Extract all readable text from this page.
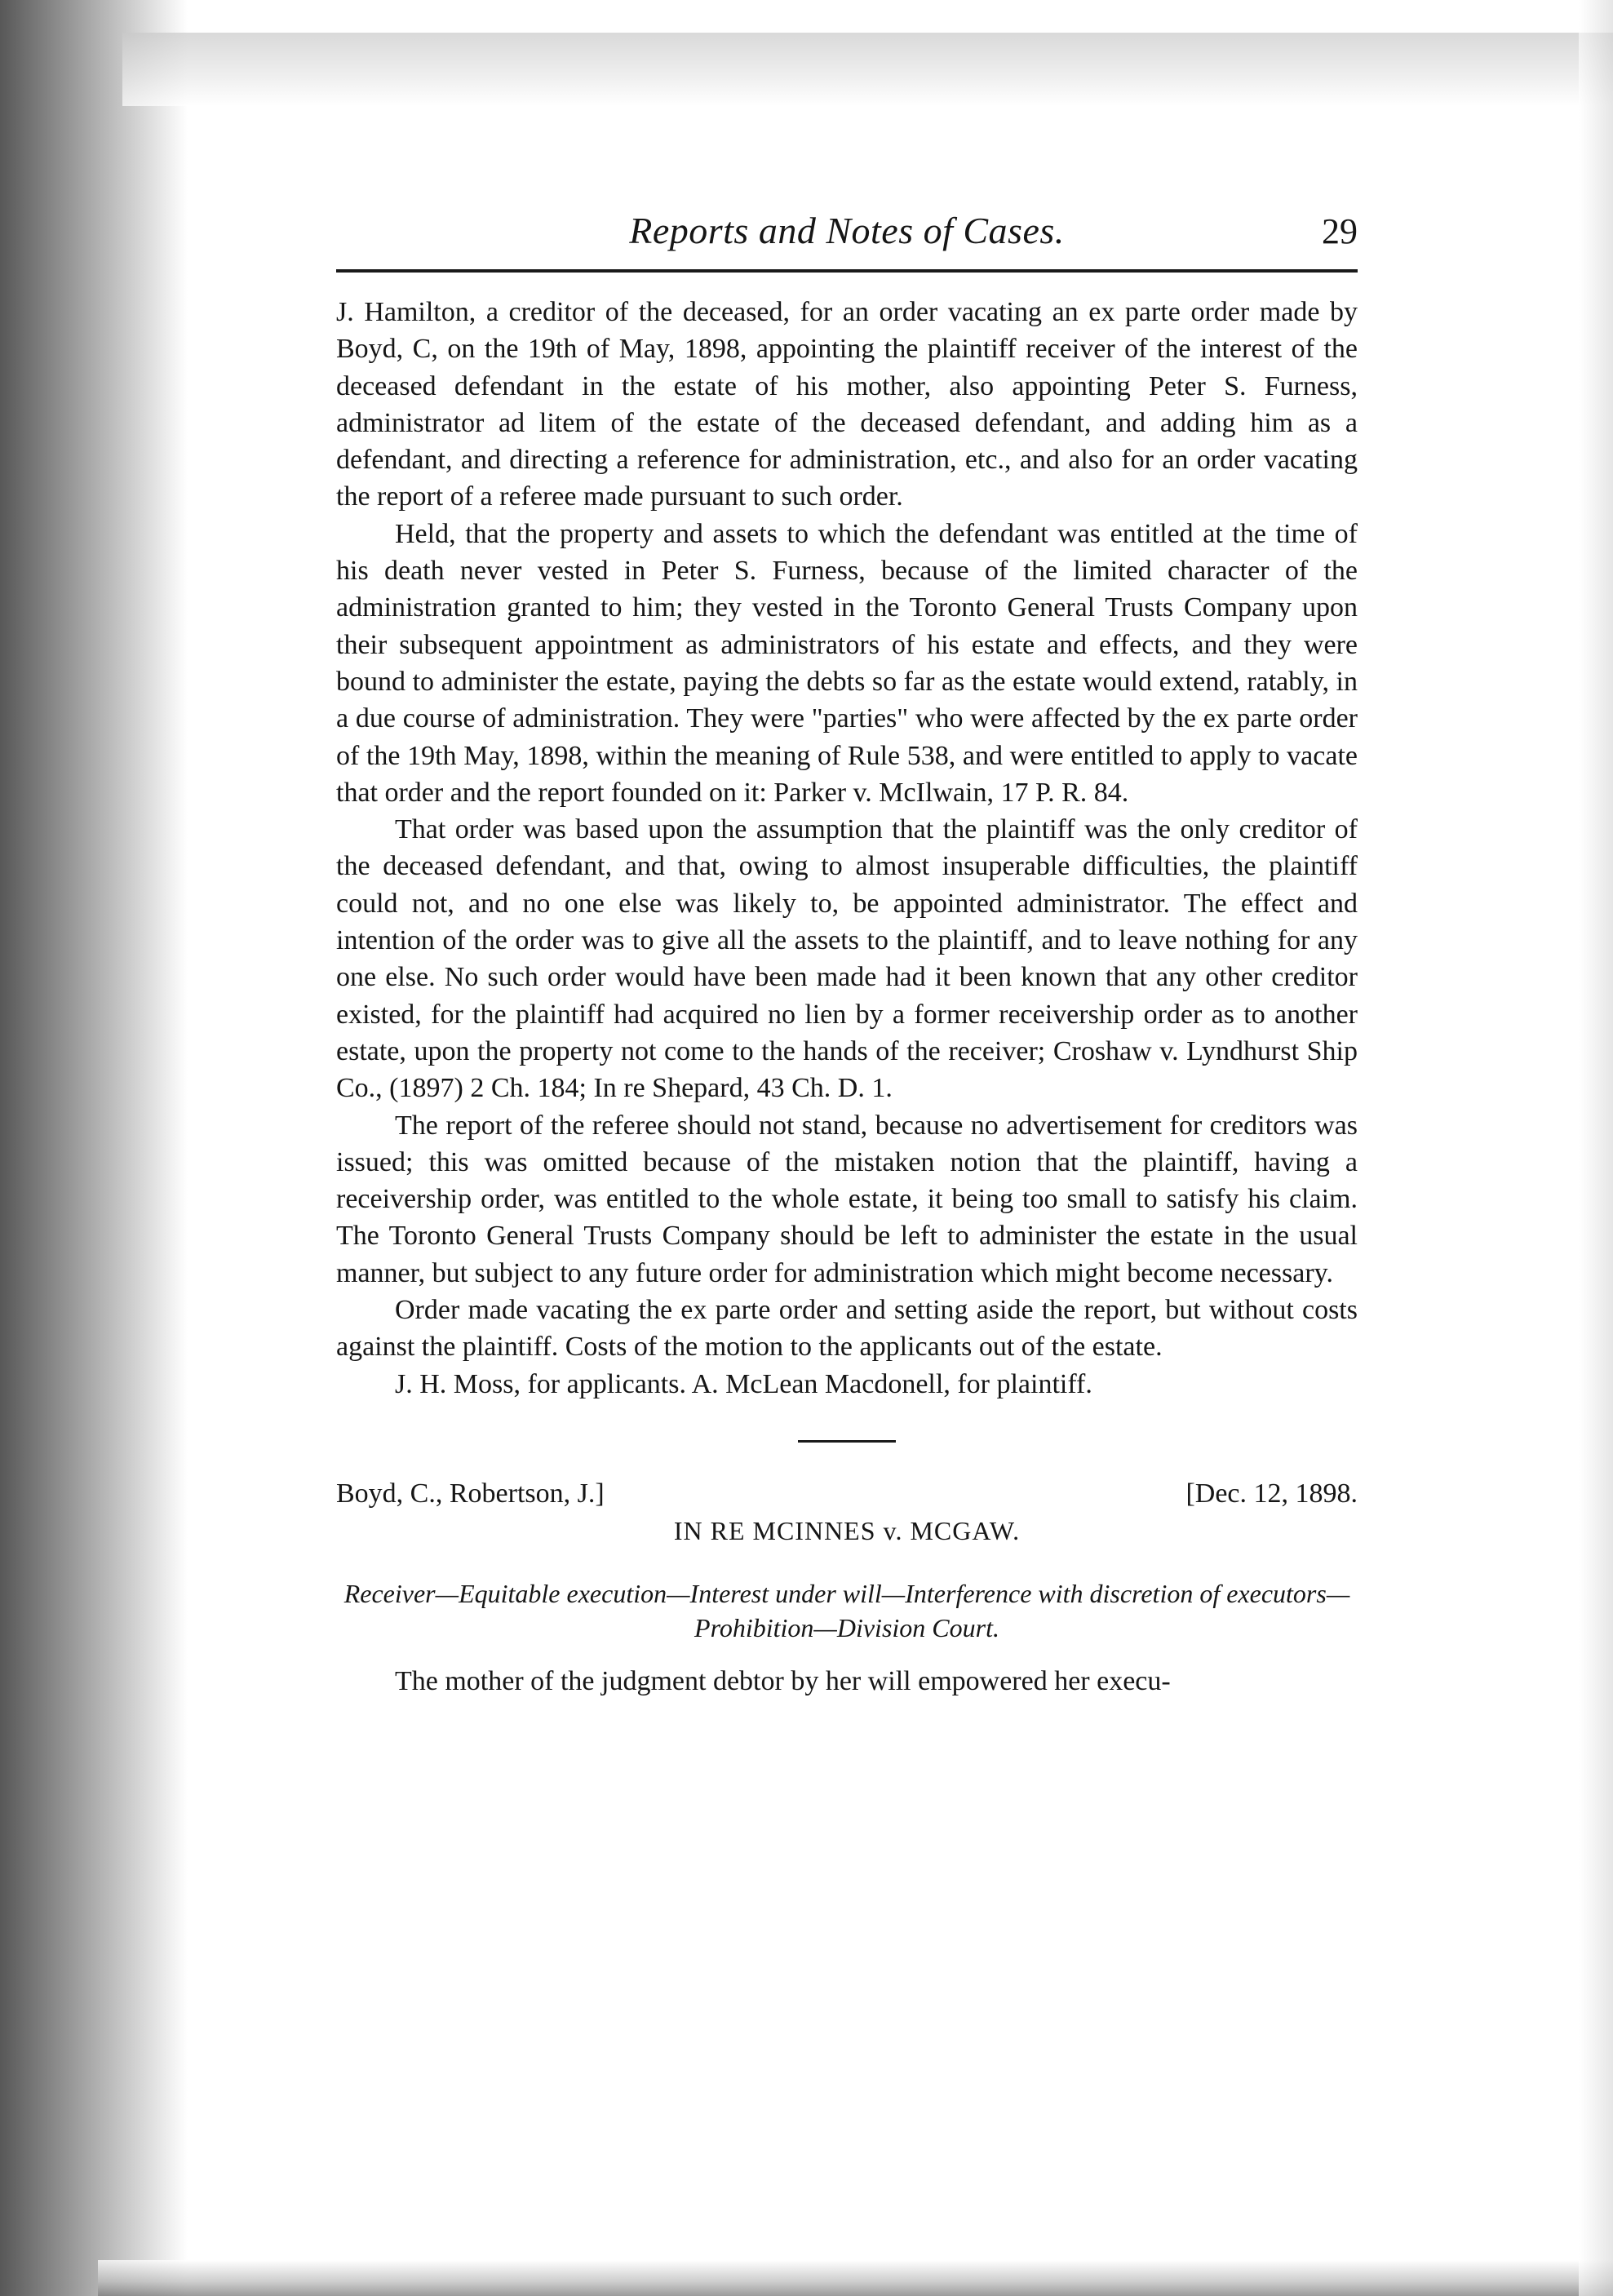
Reports and Notes of Cases.	29

J. Hamilton, a creditor of the deceased, for an order vacating an ex parte order made by Boyd, C, on the 19th of May, 1898, appointing the plaintiff receiver of the interest of the deceased defendant in the estate of his mother, also appointing Peter S. Furness, administrator ad litem of the estate of the deceased defendant, and adding him as a defendant, and directing a reference for administration, etc., and also for an order vacating the report of a referee made pursuant to such order.

Held, that the property and assets to which the defendant was entitled at the time of his death never vested in Peter S. Furness, because of the limited character of the administration granted to him; they vested in the Toronto General Trusts Company upon their subsequent appointment as administrators of his estate and effects, and they were bound to administer the estate, paying the debts so far as the estate would extend, ratably, in a due course of administration. They were "parties" who were affected by the ex parte order of the 19th May, 1898, within the meaning of Rule 538, and were entitled to apply to vacate that order and the report founded on it: Parker v. McIlwain, 17 P. R. 84.

That order was based upon the assumption that the plaintiff was the only creditor of the deceased defendant, and that, owing to almost insuperable difficulties, the plaintiff could not, and no one else was likely to, be appointed administrator. The effect and intention of the order was to give all the assets to the plaintiff, and to leave nothing for any one else. No such order would have been made had it been known that any other creditor existed, for the plaintiff had acquired no lien by a former receivership order as to another estate, upon the property not come to the hands of the receiver; Croshaw v. Lyndhurst Ship Co., (1897) 2 Ch. 184; In re Shepard, 43 Ch. D. 1.

The report of the referee should not stand, because no advertisement for creditors was issued; this was omitted because of the mistaken notion that the plaintiff, having a receivership order, was entitled to the whole estate, it being too small to satisfy his claim. The Toronto General Trusts Company should be left to administer the estate in the usual manner, but subject to any future order for administration which might become necessary.

Order made vacating the ex parte order and setting aside the report, but without costs against the plaintiff. Costs of the motion to the applicants out of the estate.

J. H. Moss, for applicants. A. McLean Macdonell, for plaintiff.

Boyd, C., Robertson, J.]	[Dec. 12, 1898.
IN RE MCINNES v. MCGAW.
Receiver—Equitable execution—Interest under will—Interference with discretion of executors—Prohibition—Division Court.

The mother of the judgment debtor by her will empowered her execu-
